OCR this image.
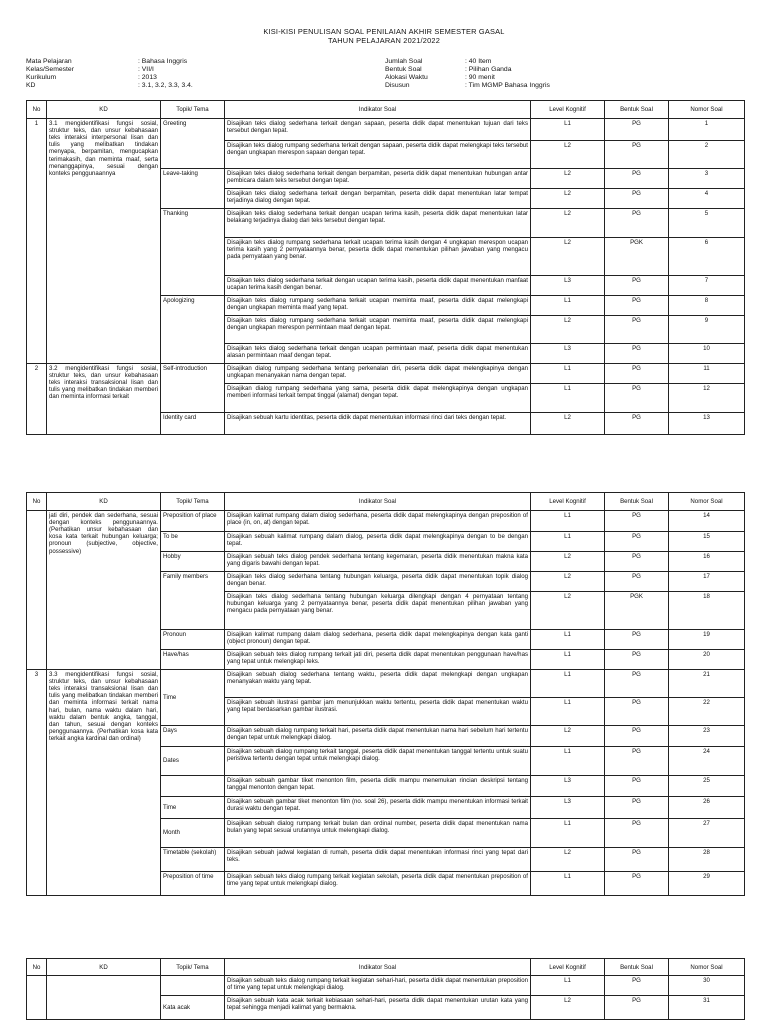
KISI-KISI PENULISAN SOAL PENILAIAN AKHIR SEMESTER GASAL
TAHUN PELAJARAN 2021/2022
Mata Pelajaran	: Bahasa Inggris
Kelas/Semester	: VII/I
Kurikulum	: 2013
KD	: 3.1, 3.2, 3.3, 3.4.
Jumlah Soal	: 40 Item
Bentuk Soal	: Pilihan Ganda
Alokasi Waktu	: 90 menit
Disusun	: Tim MGMP Bahasa Inggris
No	KD	Topik/ Tema	Indikator Soal	Level Kognitif	Bentuk Soal	Nomor Soal
1	3.1 mengidentifikasi fungsi sosial, struktur teks, dan unsur kebahasaan teks interaksi interpersonal lisan dan tulis yang melibatkan tindakan menyapa, berpamitan, mengucapkan terimakasih, dan meminta maaf, serta menanggapinya, sesuai dengan konteks penggunaannya	Greeting	Disajikan teks dialog sederhana terkait dengan sapaan, peserta didik dapat menentukan tujuan dari teks tersebut dengan tepat.	L1	PG	1
			Disajikan teks dialog rumpang sederhana terkait dengan sapaan, peserta didik dapat melengkapi teks tersebut dengan ungkapan merespon sapaan dengan tepat.	L2	PG	2
		Leave-taking	Disajikan teks dialog sederhana terkait dengan berpamitan, peserta didik dapat menentukan hubungan antar pembicara dalam teks tersebut dengan tepat.	L2	PG	3
			Disajikan teks dialog sederhana terkait dengan berpamitan, peserta didik dapat menentukan latar tempat terjadinya dialog dengan tepat.	L2	PG	4
		Thanking	Disajikan teks dialog sederhana terkait dengan ucapan terima kasih, peserta didik dapat menentukan latar belakang terjadinya dialog dari teks tersebut dengan tepat.	L2	PG	5
			Disajikan teks dialog rumpang sederhana terkait ucapan terima kasih dengan 4 ungkapan merespon ucapan terima kasih yang 2 pernyataannya benar, peserta didik dapat menentukan pilihan jawaban yang mengacu pada pernyataan yang benar.	L2	PGK	6
			Disajikan teks dialog sederhana terkait dengan ucapan terima kasih, peserta didik dapat menentukan manfaat ucapan terima kasih dengan benar.	L3	PG	7
		Apologizing	Disajikan teks dialog rumpang sederhana terkait ucapan meminta maaf, peserta didik dapat melengkapi dengan ungkapan meminta maaf yang tepat.	L1	PG	8
			Disajikan teks dialog rumpang sederhana terkait ucapan meminta maaf, peserta didik dapat melengkapi dengan ungkapan merespon permintaan maaf dengan tepat.	L2	PG	9
			Disajikan teks dialog sederhana terkait dengan ucapan permintaan maaf, peserta didik dapat menentukan alasan permintaan maaf dengan tepat.	L3	PG	10
2	3.2 mengidentifikasi fungsi sosial, struktur teks, dan unsur kebahasaan teks interaksi transaksional lisan dan tulis yang melibatkan tindakan memberi dan meminta informasi terkait	Self-introduction	Disajikan dialog rumpang sederhana tentang perkenalan diri, peserta didik dapat melengkapinya dengan ungkapan menanyakan nama dengan tepat.	L1	PG	11
			Disajikan dialog rumpang sederhana yang sama, peserta didik dapat melengkapinya dengan ungkapan memberi informasi terkait tempat tinggal (alamat) dengan tepat.	L1	PG	12
		Identity card	Disajikan sebuah kartu identitas, peserta didik dapat menentukan informasi rinci dari teks dengan tepat.	L2	PG	13
No	KD	Topik/ Tema	Indikator Soal	Level Kognitif	Bentuk Soal	Nomor Soal
	jati diri, pendek dan sederhana, sesuai dengan konteks penggunaannya. (Perhatikan unsur kebahasaan dan kosa kata terkait hubungan keluarga; pronoun (subjective, objective, possessive)	Preposition of place	Disajikan kalimat rumpang dalam dialog sederhana, peserta didik dapat melengkapinya dengan preposition of place (in, on, at) dengan tepat.	L1	PG	14
		To be	Disajikan sebuah kalimat rumpang dalam dialog, peserta didik dapat melengkapinya dengan to be dengan tepat.	L1	PG	15
		Hobby	Disajikan sebuah teks dialog pendek sederhana tentang kegemaran, peserta didik menentukan makna kata yang digaris bawahi dengan tepat.	L2	PG	16
		Family members	Disajikan teks dialog sederhana tentang hubungan keluarga, peserta didik dapat menentukan topik dialog dengan benar.	L2	PG	17
			Disajikan teks dialog sederhana tentang hubungan keluarga dilengkapi dengan 4 pernyataan tentang hubungan keluarga yang 2 pernyataannya benar, peserta didik dapat menentukan pilihan jawaban yang mengacu pada pernyataan yang benar.	L2	PGK	18
		Pronoun	Disajikan kalimat rumpang dalam dialog sederhana, peserta didik dapat melengkapinya dengan kata ganti (object pronoun) dengan tepat.	L1	PG	19
		Have/has	Disajikan sebuah teks dialog rumpang terkait jati diri, peserta didik dapat menentukan penggunaan have/has yang tepat untuk melengkapi teks.	L1	PG	20
3	3.3 mengidentifikasi fungsi sosial, struktur teks, dan unsur kebahasaan teks interaksi transaksional lisan dan tulis yang melibatkan tindakan memberi dan meminta informasi terkait nama hari, bulan, nama waktu dalam hari, waktu dalam bentuk angka, tanggal, dan tahun, sesuai dengan konteks penggunaannya. (Perhatikan kosa kata terkait angka kardinal dan ordinal)	Time	Disajikan sebuah dialog sederhana tentang waktu, peserta didik dapat melengkapi dengan ungkapan menanyakan waktu yang tepat.	L1	PG	21
			Disajikan sebuah ilustrasi gambar jam menunjukkan waktu tertentu, peserta didik dapat menentukan waktu yang tepat berdasarkan gambar ilustrasi.	L1	PG	22
		Days	Disajikan sebuah dialog rumpang terkait hari, peserta didik dapat menentukan nama hari sebelum hari tertentu dengan tepat untuk melengkapi dialog.	L2	PG	23
		Dates	Disajikan sebuah dialog rumpang terkait tanggal, peserta didik dapat menentukan tanggal tertentu untuk suatu peristiwa tertentu dengan tepat untuk melengkapi dialog.	L1	PG	24
			Disajikan sebuah gambar tiket menonton film, peserta didik mampu menemukan rincian deskripsi tentang tanggal menonton dengan tepat.	L3	PG	25
		Time	Disajikan sebuah gambar tiket menonton film (no. soal 26), peserta didik mampu menentukan informasi terkait durasi waktu dengan tepat.	L3	PG	26
		Month	Disajikan sebuah dialog rumpang terkait bulan dan ordinal number, peserta didik dapat menentukan nama bulan yang tepat sesuai urutannya untuk melengkapi dialog.	L1	PG	27
		Timetable (sekolah)	Disajikan sebuah jadwal kegiatan di rumah, peserta didik dapat menentukan informasi rinci yang tepat dari teks.	L2	PG	28
		Preposition of time	Disajikan sebuah teks dialog rumpang terkait kegiatan sekolah, peserta didik dapat menentukan preposition of time yang tepat untuk melengkapi dialog.	L1	PG	29
No	KD	Topik/ Tema	Indikator Soal	Level Kognitif	Bentuk Soal	Nomor Soal
			Disajikan sebuah teks dialog rumpang terkait kegiatan sehari-hari, peserta didik dapat menentukan preposition of time yang tepat untuk melengkapi dialog.	L1	PG	30
		Kata acak	Disajikan sebuah kata acak terkait kebiasaan sehari-hari, peserta didik dapat menentukan urutan kata yang tepat sehingga menjadi kalimat yang bermakna.	L2	PG	31
